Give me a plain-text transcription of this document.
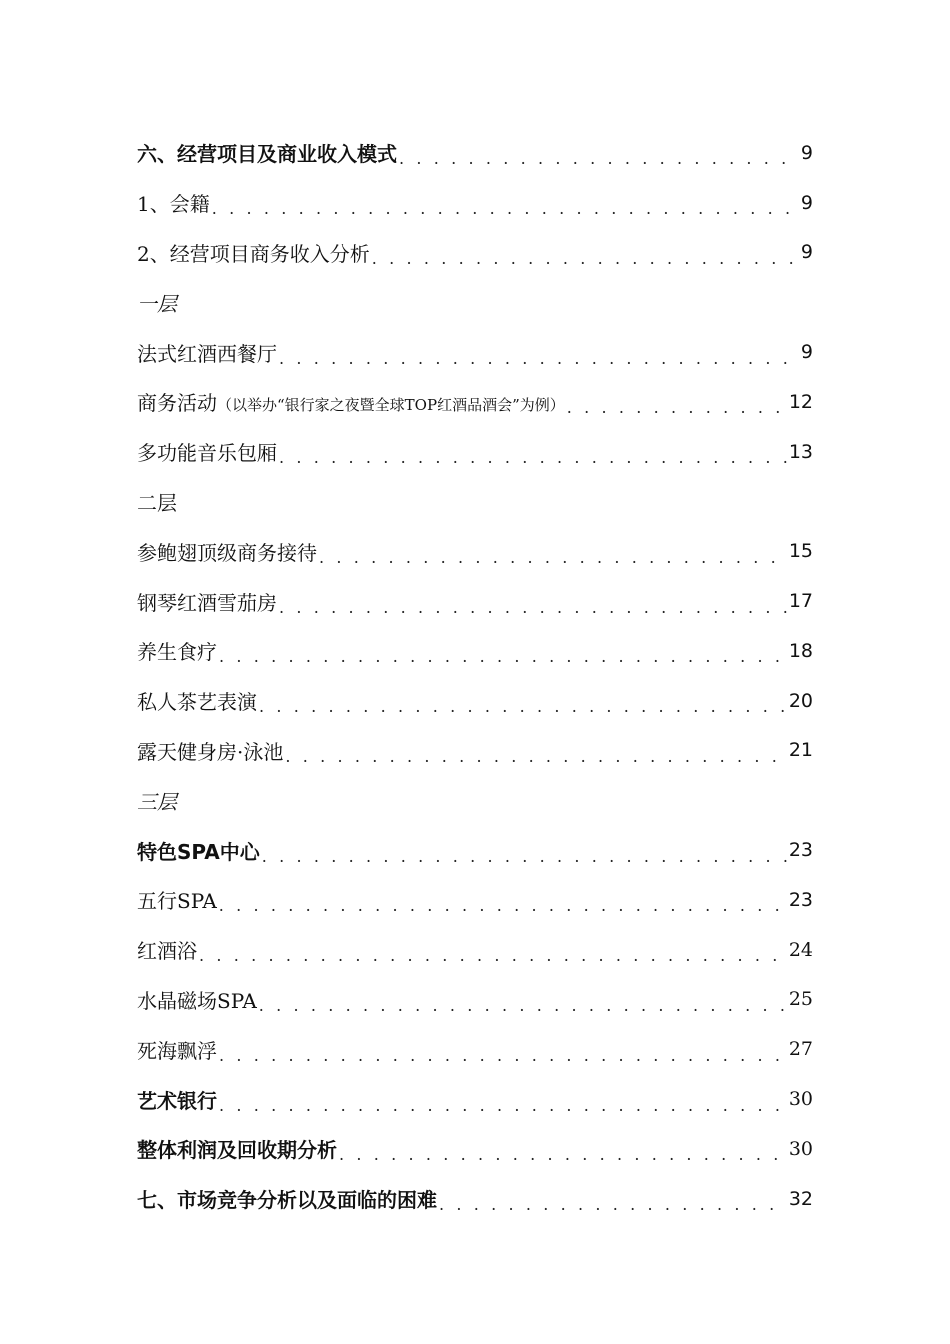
六、经营项目及商业收入模式 . . .	9
1、会籍 . . .	9
2、经营项目商务收入分析 . . .	9
一层
法式红酒西餐厅 . . .	9
商务活动（以举办“银行家之夜暨全球TOP红酒品酒会”为例） . . .	12
多功能音乐包厢 . . .	13
二层
参鲍翅顶级商务接待 . . .	15
钢琴红酒雪茄房 . . .	17
养生食疗 . . .	18
私人茶艺表演 . . .	20
露天健身房·泳池 . . .	21
三层
特色SPA中心 . . .	23
五行SPA . . .	23
红酒浴 . . .	24
水晶磁场SPA . . .	25
死海飘浮 . . .	27
艺术银行 . . .	30
整体利润及回收期分析 . . .	30
七、市场竞争分析以及面临的困难 . . .	32
